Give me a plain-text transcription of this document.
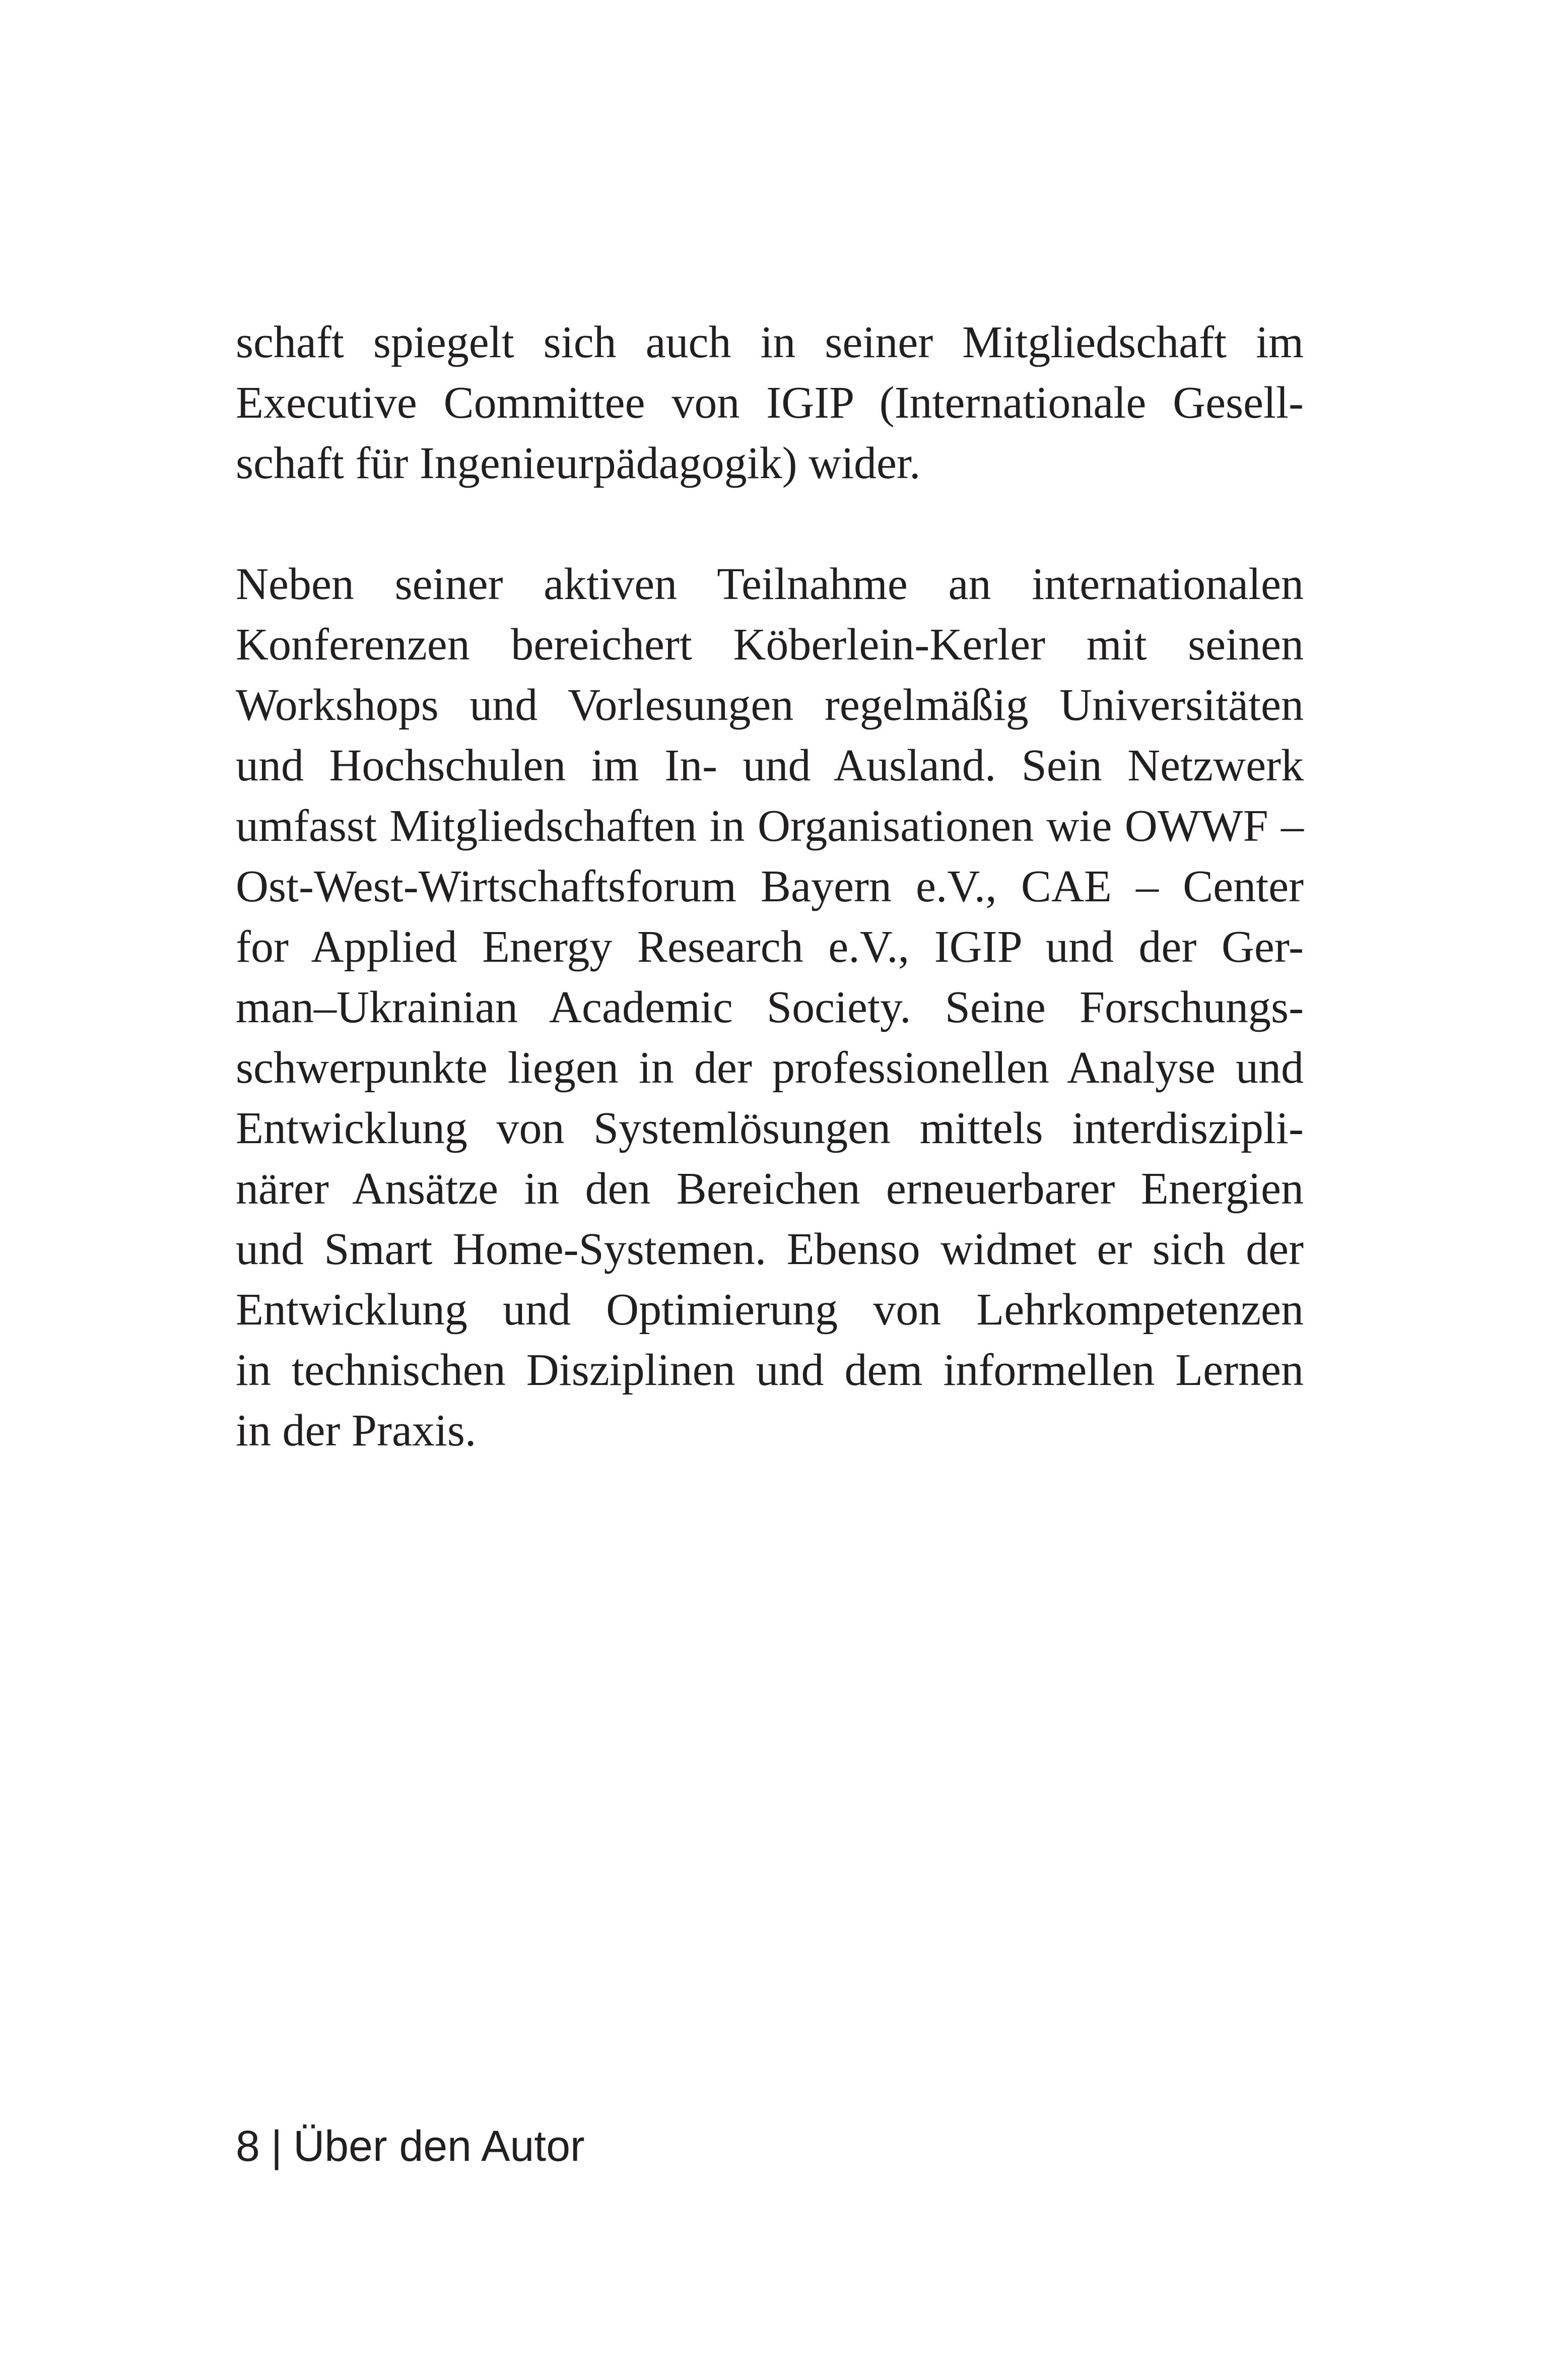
schaft spiegelt sich auch in seiner Mitgliedschaft im
Executive Committee von IGIP (Internationale Gesell-
schaft für Ingenieurpädagogik) wider.
Neben seiner aktiven Teilnahme an internationalen
Konferenzen bereichert Köberlein-Kerler mit seinen
Workshops und Vorlesungen regelmäßig Universitäten
und Hochschulen im In- und Ausland. Sein Netzwerk
umfasst Mitgliedschaften in Organisationen wie OWWF –
Ost-West-Wirtschaftsforum Bayern e.V., CAE – Center
for Applied Energy Research e.V., IGIP und der Ger-
man–Ukrainian Academic Society. Seine Forschungs-
schwerpunkte liegen in der professionellen Analyse und
Entwicklung von Systemlösungen mittels interdiszipli-
närer Ansätze in den Bereichen erneuerbarer Energien
und Smart Home-Systemen. Ebenso widmet er sich der
Entwicklung und Optimierung von Lehrkompetenzen
in technischen Disziplinen und dem informellen Lernen
in der Praxis.
8 | Über den Autor
